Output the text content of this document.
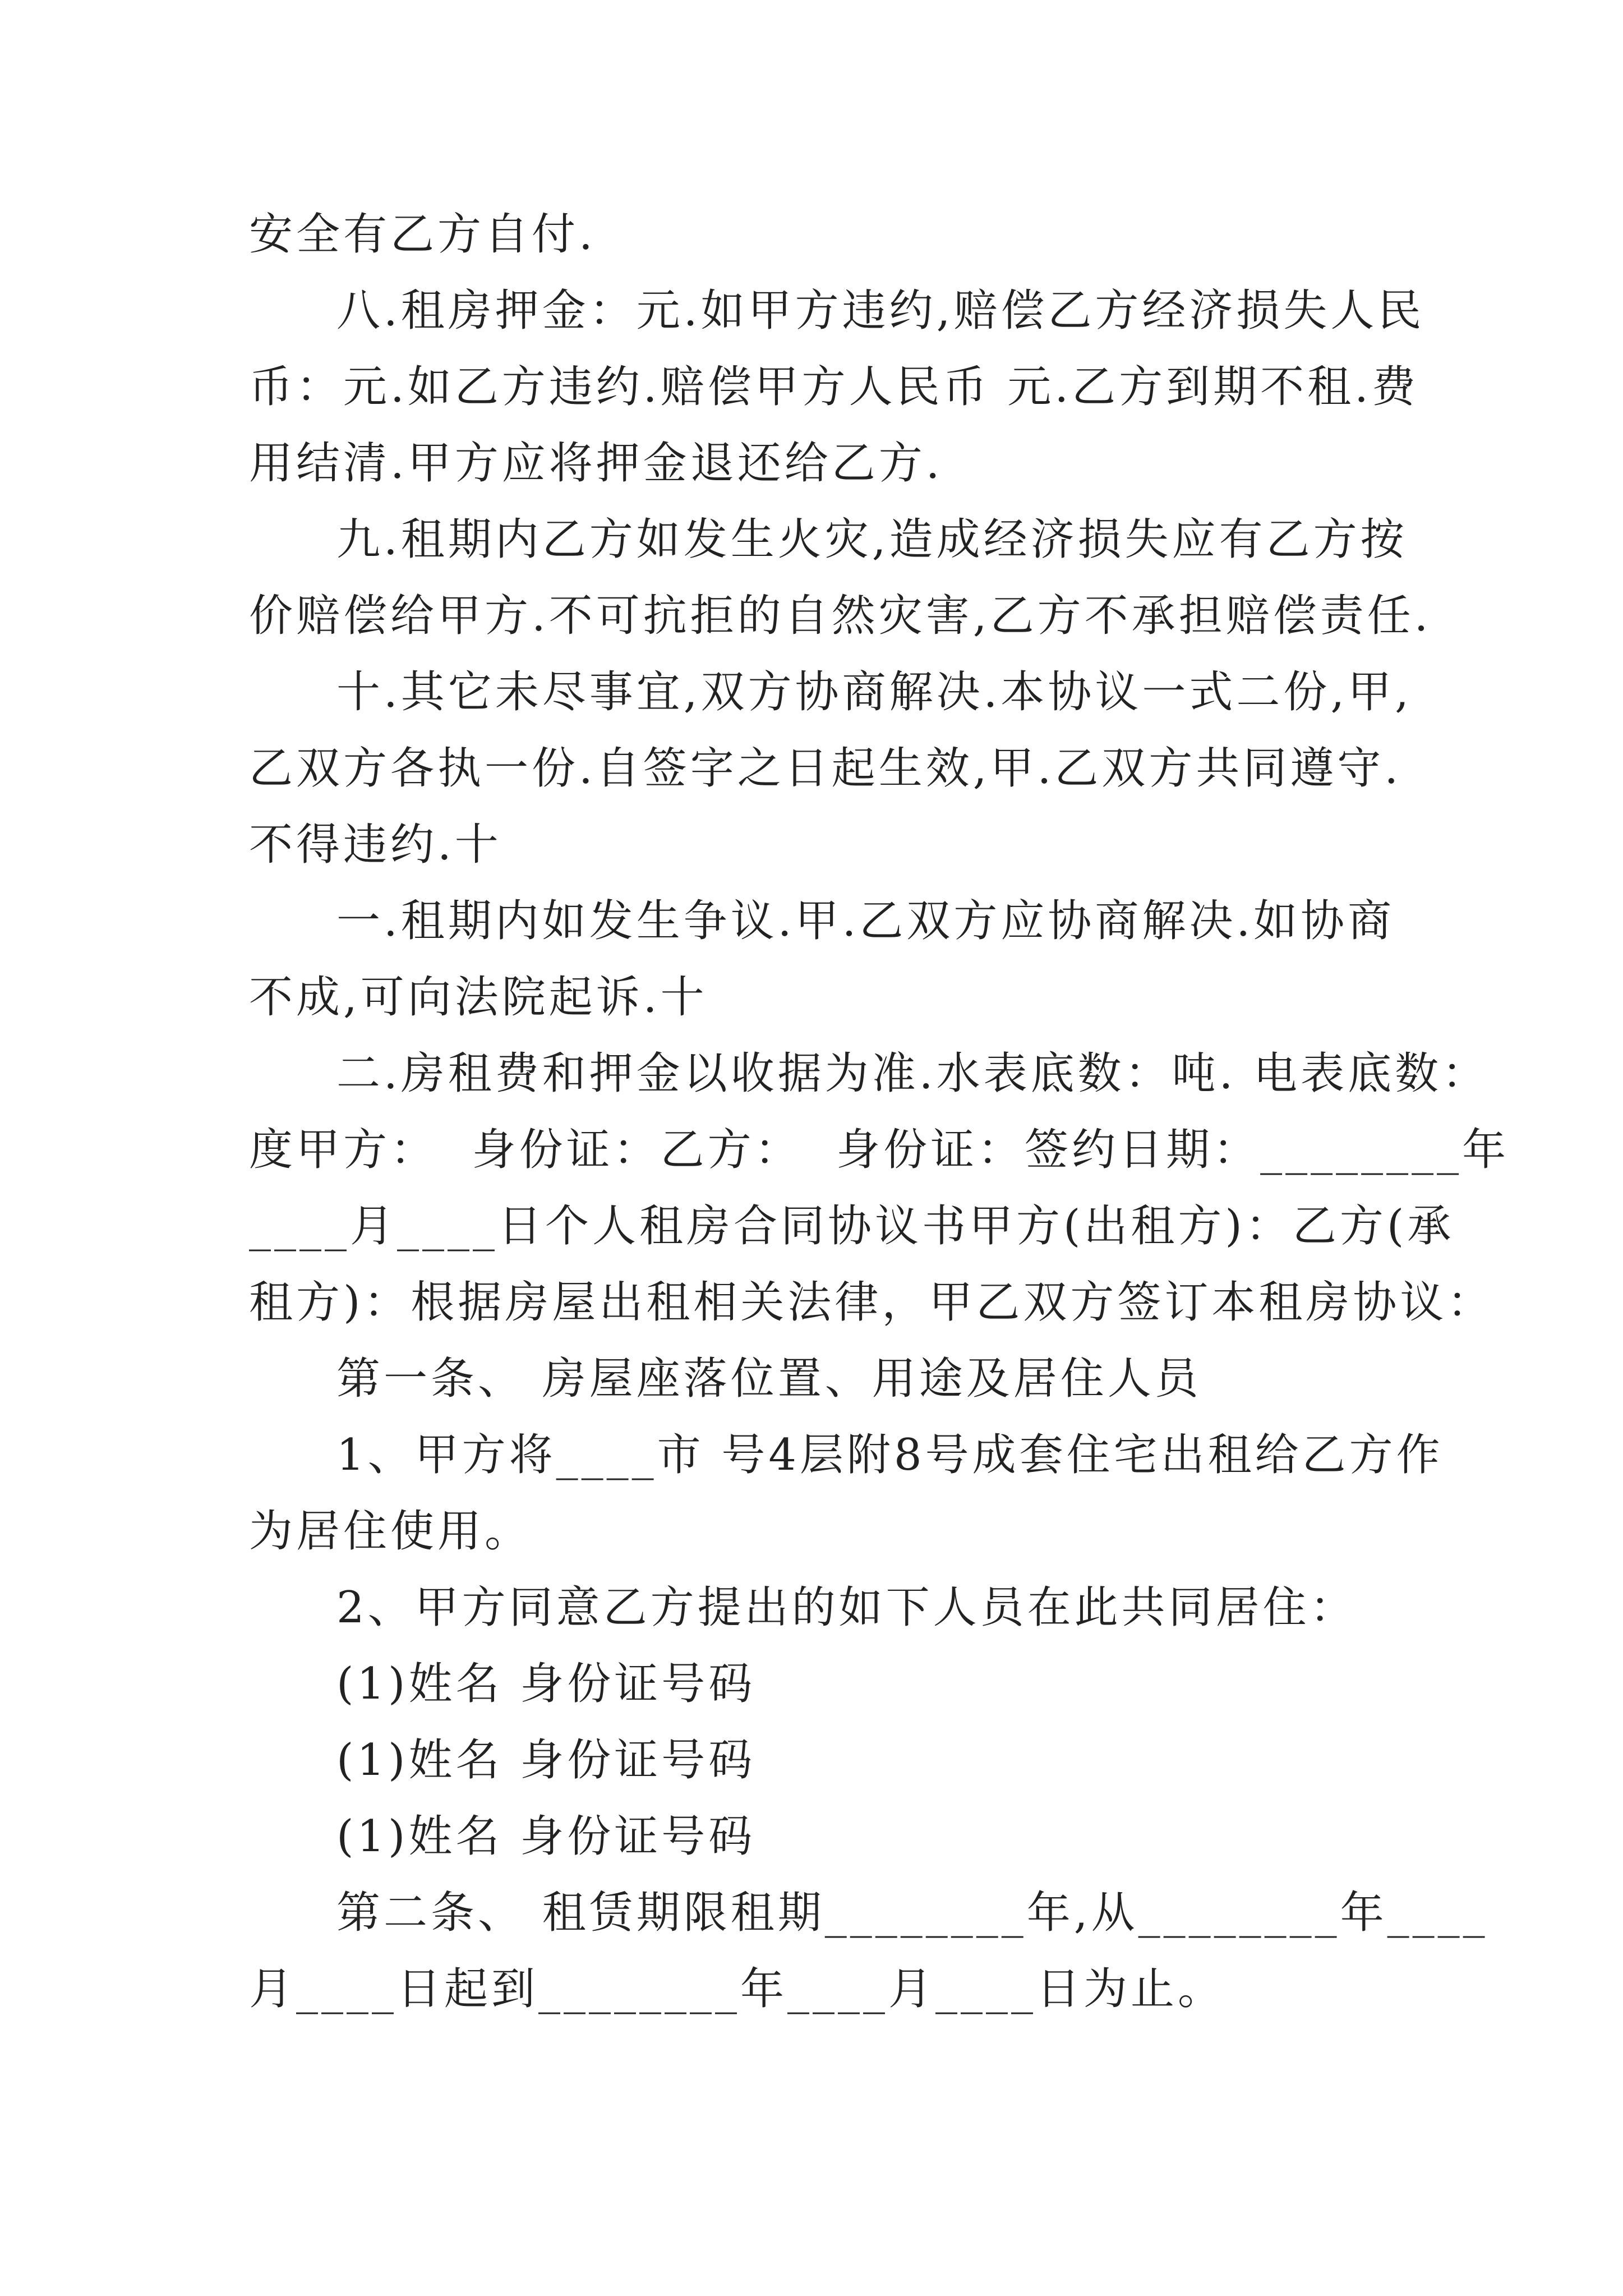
安全有乙方自付.
八.租房押金：元.如甲方违约,赔偿乙方经济损失人民
币：元.如乙方违约.赔偿甲方人民币 元.乙方到期不租.费
用结清.甲方应将押金退还给乙方.
九.租期内乙方如发生火灾,造成经济损失应有乙方按
价赔偿给甲方.不可抗拒的自然灾害,乙方不承担赔偿责任.
十.其它未尽事宜,双方协商解决.本协议一式二份,甲,
乙双方各执一份.自签字之日起生效,甲.乙双方共同遵守.
不得违约.十
一.租期内如发生争议.甲.乙双方应协商解决.如协商
不成,可向法院起诉.十
二.房租费和押金以收据为准.水表底数：吨. 电表底数：
度甲方：  身份证：乙方：  身份证：签约日期：________年
____月____日个人租房合同协议书甲方(出租方)：乙方(承
租方)：根据房屋出租相关法律，甲乙双方签订本租房协议：
第一条、 房屋座落位置、用途及居住人员
1、甲方将____市 号4层附8号成套住宅出租给乙方作
为居住使用。
2、甲方同意乙方提出的如下人员在此共同居住：
(1)姓名 身份证号码
(1)姓名 身份证号码
(1)姓名 身份证号码
第二条、 租赁期限租期________年,从________年____
月____日起到________年____月____日为止。
